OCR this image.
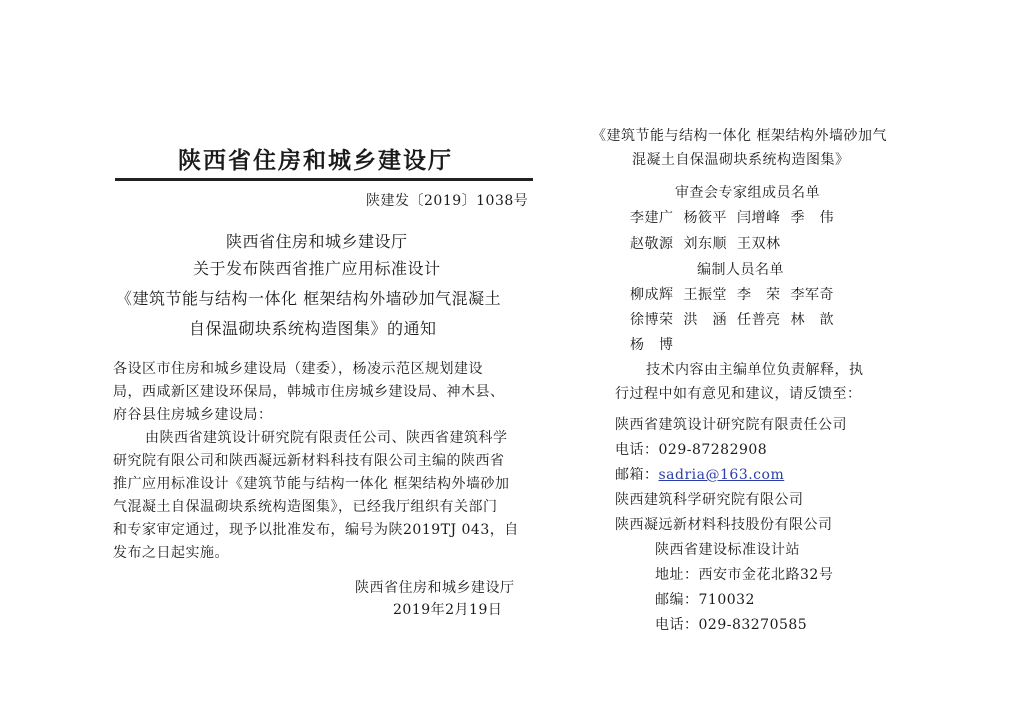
陕西省住房和城乡建设厅
陕建发〔2019〕1038号
陕西省住房和城乡建设厅
关于发布陕西省推广应用标准设计
《建筑节能与结构一体化 框架结构外墙砂加气混凝土
自保温砌块系统构造图集》的通知
各设区市住房和城乡建设局（建委），杨凌示范区规划建设
局，西咸新区建设环保局，韩城市住房城乡建设局、神木县、
府谷县住房城乡建设局：
由陕西省建筑设计研究院有限责任公司、陕西省建筑科学
研究院有限公司和陕西凝远新材料科技有限公司主编的陕西省
推广应用标准设计《建筑节能与结构一体化 框架结构外墙砂加
气混凝土自保温砌块系统构造图集》，已经我厅组织有关部门
和专家审定通过，现予以批准发布，编号为陕2019TJ 043，自
发布之日起实施。
陕西省住房和城乡建设厅
2019年2月19日
《建筑节能与结构一体化 框架结构外墙砂加气
混凝土自保温砌块系统构造图集》
审查会专家组成员名单
李建广 杨筱平 闫增峰 季　伟
赵敬源 刘东顺 王双林
编制人员名单
柳成辉 王振堂 李　荣 李军奇
徐博荣 洪　涵 任普亮 林　歆
杨　博
技术内容由主编单位负责解释，执
行过程中如有意见和建议，请反馈至：
陕西省建筑设计研究院有限责任公司
电话：029-87282908
邮箱：sadria@163.com
陕西建筑科学研究院有限公司
陕西凝远新材料科技股份有限公司
陕西省建设标准设计站
地址：西安市金花北路32号
邮编：710032
电话：029-83270585
